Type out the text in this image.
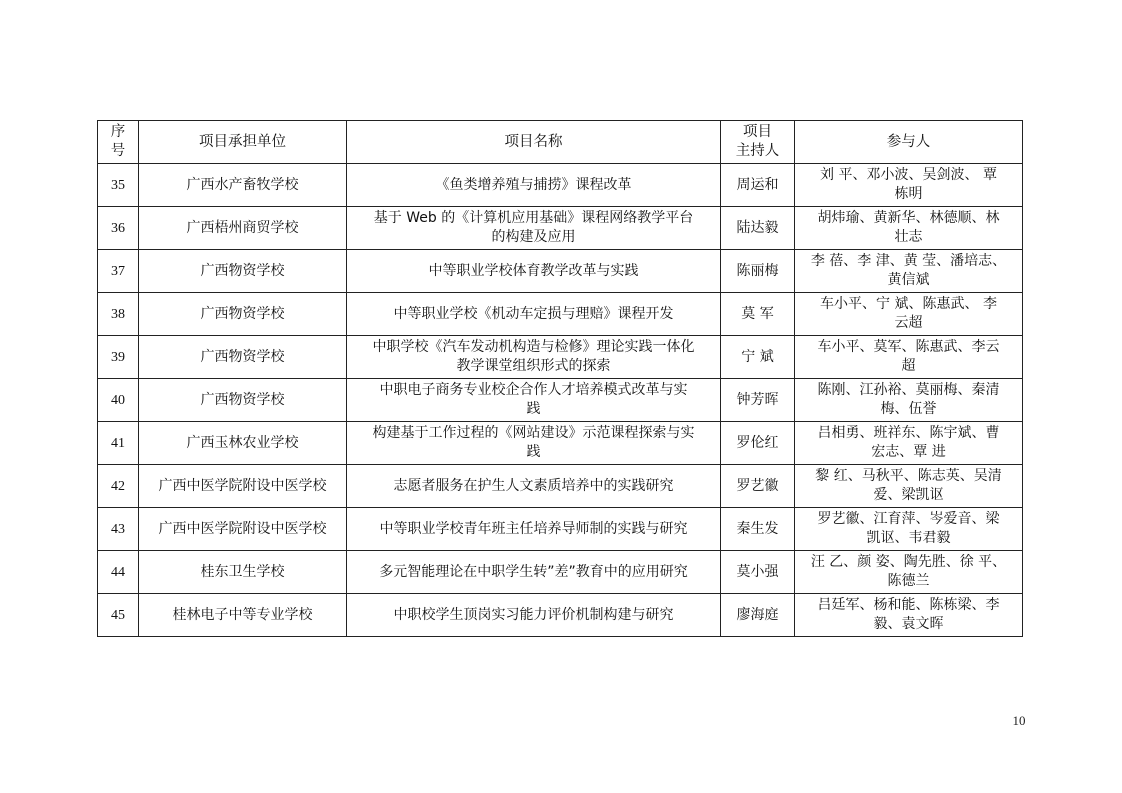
序
号	项目承担单位	项目名称	项目
主持人	参与人
35	广西水产畜牧学校	《鱼类增养殖与捕捞》课程改革	周运和	刘 平、邓小波、吴剑波、 覃
栋明
36	广西梧州商贸学校	基于 Web 的《计算机应用基础》课程网络教学平台
的构建及应用	陆达毅	胡炜瑜、黄新华、林德顺、林
壮志
37	广西物资学校	中等职业学校体育教学改革与实践	陈丽梅	李 蓓、李 津、黄 莹、潘培志、
黄信斌
38	广西物资学校	中等职业学校《机动车定损与理赔》课程开发	莫 军	车小平、宁 斌、陈惠武、 李
云超
39	广西物资学校	中职学校《汽车发动机构造与检修》理论实践一体化
教学课堂组织形式的探索	宁 斌	车小平、莫军、陈惠武、李云
超
40	广西物资学校	中职电子商务专业校企合作人才培养模式改革与实
践	钟芳晖	陈刚、江孙裕、莫丽梅、秦清
梅、伍誉
41	广西玉林农业学校	构建基于工作过程的《网站建设》示范课程探索与实
践	罗伦红	吕相勇、班祥东、陈宇斌、曹
宏志、覃 进
42	广西中医学院附设中医学校	志愿者服务在护生人文素质培养中的实践研究	罗艺徽	黎 红、马秋平、陈志英、吴清
爱、梁凯讴
43	广西中医学院附设中医学校	中等职业学校青年班主任培养导师制的实践与研究	秦生发	罗艺徽、江育萍、岑爱音、梁
凯讴、韦君毅
44	桂东卫生学校	多元智能理论在中职学生转”差”教育中的应用研究	莫小强	汪 乙、颜 姿、陶先胜、徐 平、
陈德兰
45	桂林电子中等专业学校	中职校学生顶岗实习能力评价机制构建与研究	廖海庭	吕廷军、杨和能、陈栋梁、李
毅、袁文晖
10
